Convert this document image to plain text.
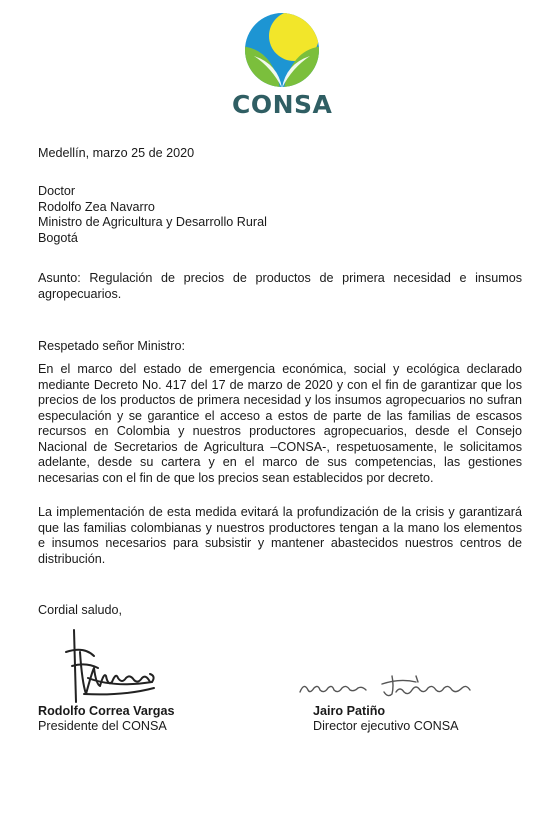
CONSA
Medellín, marzo 25 de 2020
Doctor
Rodolfo Zea Navarro
Ministro de Agricultura y Desarrollo Rural
Bogotá
Asunto: Regulación de precios de productos de primera necesidad e insumos agropecuarios.
Respetado señor Ministro:
En el marco del estado de emergencia económica, social y ecológica declarado mediante Decreto No. 417 del 17 de marzo de 2020 y con el fin de garantizar que los precios de los productos de primera necesidad y los insumos agropecuarios no sufran especulación y se garantice el acceso a estos de parte de las familias de escasos recursos en Colombia y nuestros productores agropecuarios, desde el Consejo Nacional de Secretarios de Agricultura –CONSA-, respetuosamente, le solicitamos adelante, desde su cartera y en el marco de sus competencias, las gestiones necesarias con el fin de que los precios sean establecidos por decreto.
La implementación de esta medida evitará la profundización de la crisis y garantizará que las familias colombianas y nuestros productores tengan a la mano los elementos e insumos necesarios para subsistir y mantener abastecidos nuestros centros de distribución.
Cordial saludo,
Rodolfo Correa Vargas
Presidente del CONSA
Jairo Patiño
Director ejecutivo CONSA
